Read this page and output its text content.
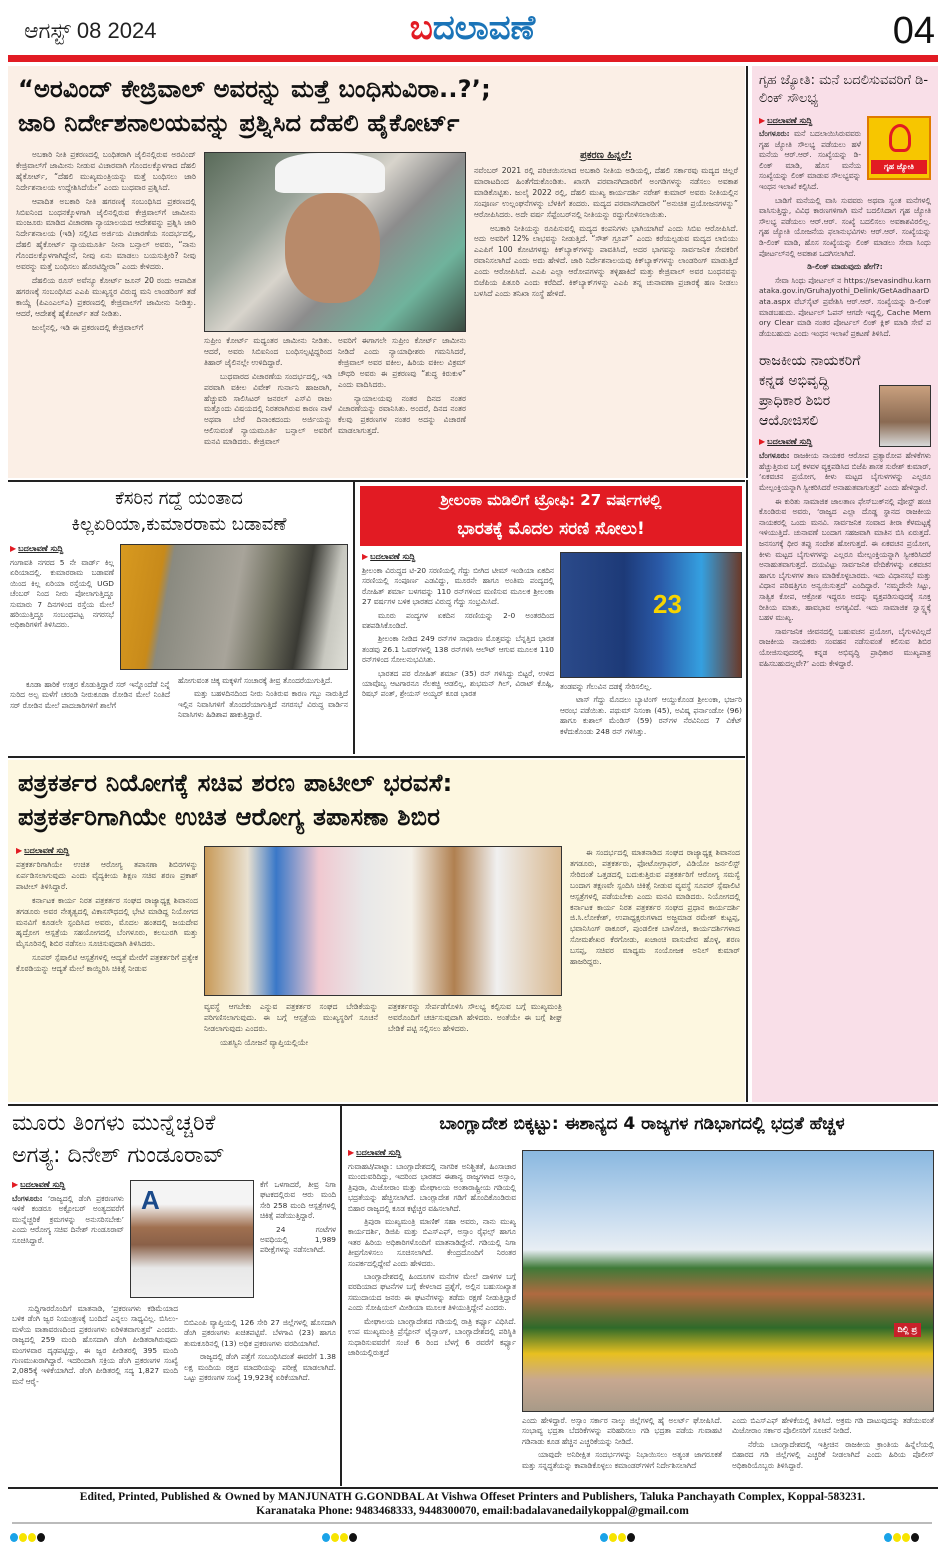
ಆಗಸ್ಟ್ 08 2024	ಬದಲಾವಣೆ	04
“ಅರವಿಂದ್ ಕೇಜ್ರಿವಾಲ್ ಅವರನ್ನು ಮತ್ತೆ ಬಂಧಿಸುವಿರಾ..?’;
ಜಾರಿ ನಿರ್ದೇಶನಾಲಯವನ್ನು ಪ್ರಶ್ನಿಸಿದ ದೆಹಲಿ ಹೈಕೋರ್ಟ್

ಅಬಕಾರಿ ನೀತಿ ಪ್ರಕರಣದಲ್ಲಿ ಬಂಧಿತರಾಗಿ ಜೈಲಿನಲ್ಲಿರುವ ಅರವಿಂದ್ ಕೇಜ್ರಿವಾಲ್‌ಗೆ ಜಾಮೀನು ನೀಡುವ ವಿಚಾರವಾಗಿ ಗೊಂದಲಕ್ಕೊಳಗಾದ ದೆಹಲಿ ಹೈಕೋರ್ಟ್, “ದೆಹಲಿ ಮುಖ್ಯಮಂತ್ರಿಯನ್ನು ಮತ್ತೆ ಬಂಧಿಸಲು ಜಾರಿ ನಿರ್ದೇಶನಾಲಯ ಉದ್ದೇಶಿಸಿದೆಯೇ” ಎಂದು ಬುಧವಾರ ಪ್ರಶ್ನಿಸಿದೆ.

ಆಪಾದಿತ ಅಬಕಾರಿ ನೀತಿ ಹಗರಣಕ್ಕೆ ಸಂಬಂಧಿಸಿದ ಪ್ರಕರಣದಲ್ಲಿ ಸಿಬಿಐನಿಂದ ಬಂಧನಕ್ಕೊಳಗಾಗಿ ಜೈಲಿನಲ್ಲಿರುವ ಕೇಜ್ರಿವಾಲ್‌ಗೆ ಜಾಮೀನು ಮಂಜೂರು ಮಾಡಿದ ವಿಚಾರಣಾ ನ್ಯಾಯಾಲಯದ ಆದೇಶವನ್ನು ಪ್ರಶ್ನಿಸಿ ಜಾರಿ ನಿರ್ದೇಶನಾಲಯ (ಇಡಿ) ಸಲ್ಲಿಸಿದ ಅರ್ಜಿಯ ವಿಚಾರಣೆಯ ಸಂದರ್ಭದಲ್ಲಿ, ದೆಹಲಿ ಹೈಕೋರ್ಟ್ ನ್ಯಾಯಮೂರ್ತಿ ನೀನಾ ಬನ್ಸಾಲ್ ಅವರು, “ನಾನು ಗೊಂದಲಕ್ಕೊಳಗಾಗಿದ್ದೇನೆ, ನೀವು ಏನು ಮಾಡಲು ಬಯಸುತ್ತೀರಿ? ನೀವು ಅವರನ್ನು ಮತ್ತೆ ಬಂಧಿಸಲು ಹೊರಟಿದ್ದೀರಾ” ಎಂದು ಕೇಳಿದರು.

ದೆಹಲಿಯ ರೂಸ್ ಅವೆನ್ಯೂ ಕೋರ್ಟ್ ಜೂನ್ 20 ರಂದು ಆಪಾದಿತ ಹಗರಣಕ್ಕೆ ಸಂಬಂಧಿಸಿದ ಎಎಪಿ ಮುಖ್ಯಸ್ಥರ ವಿರುದ್ಧ ಮನಿ ಲಾಂಡರಿಂಗ್ ತಡೆ ಕಾಯ್ದೆ (ಪಿಎಂಎಲ್‌ಎ) ಪ್ರಕರಣದಲ್ಲಿ ಕೇಜ್ರಿವಾಲ್‌ಗೆ ಜಾಮೀನು ನೀಡಿತ್ತು. ಆದರೆ, ಆದೇಶಕ್ಕೆ ಹೈಕೋರ್ಟ್ ತಡೆ ನೀಡಿತು.

ಜುಲೈನಲ್ಲಿ, ಇಡಿ ಈ ಪ್ರಕರಣದಲ್ಲಿ ಕೇಜ್ರಿವಾಲ್‌ಗೆ

ಸುಪ್ರೀಂ ಕೋರ್ಟ್ ಮಧ್ಯಂತರ ಜಾಮೀನು ನೀಡಿತು. ಆದರೆ, ಅವರು ಸಿಬಿಐನಿಂದ ಬಂಧಿಸಲ್ಪಟ್ಟಿದ್ದರಿಂದ ತಿಹಾರ್ ಜೈಲಿನಲ್ಲೇ ಉಳಿದಿದ್ದಾರೆ.

ಬುಧವಾರದ ವಿಚಾರಣೆಯ ಸಂದರ್ಭದಲ್ಲಿ, ಇಡಿ ಪರವಾಗಿ ವಕೀಲ ವಿವೇಕ್ ಗುರ್ನಾನಿ ಹಾಜರಾಗಿ, ಹೆಚ್ಚುವರಿ ಸಾಲಿಸಿಟರ್ ಜನರಲ್ ಎಸ್‌ವಿ ರಾಜು ಮತ್ತೊಂದು ವಿಷಯದಲ್ಲಿ ನಿರತರಾಗಿರುವ ಕಾರಣ ನಾಳೆ ಅಥವಾ ಬೇರೆ ದಿನಾಂಕದಂದು ಅರ್ಜಿಯನ್ನು ಆಲಿಸುವಂತೆ ನ್ಯಾಯಮೂರ್ತಿ ಬನ್ಸಾಲ್ ಅವರಿಗೆ ಮನವಿ ಮಾಡಿದರು. ಕೇಜ್ರಿವಾಲ್

ಅವರಿಗೆ ಈಗಾಗಲೇ ಸುಪ್ರೀಂ ಕೋರ್ಟ್ ಜಾಮೀನು ನೀಡಿದೆ ಎಂದು ನ್ಯಾಯಾಧೀಶರು ಗಮನಿಸಿದರೆ, ಕೇಜ್ರಿವಾಲ್ ಅವರ ವಕೀಲ, ಹಿರಿಯ ವಕೀಲ ವಿಕ್ರಮ್ ಚೌಧರಿ ಅವರು ಈ ಪ್ರಕರಣವು “ಶುದ್ಧ ಕಿರುಕುಳ” ಎಂದು ವಾದಿಸಿದರು.

ನ್ಯಾಯಾಲಯವು ನಂತರ ದಿನದ ನಂತರ ವಿಚಾರಣೆಯನ್ನು ರವಾನಿಸಿತು. ಅಂದರೆ, ದಿನದ ನಂತರ ಕೆಲವು ಪ್ರಕರಣಗಳ ನಂತರ ಅದನ್ನು ವಿಚಾರಣೆ ಮಾಡಲಾಗುತ್ತದೆ.

ಪ್ರಕರಣ ಹಿನ್ನಲೆ:

ನವೆಂಬರ್ 2021 ರಲ್ಲಿ ಪರಿಚಯಿಸಲಾದ ಅಬಕಾರಿ ನೀತಿಯ ಅಡಿಯಲ್ಲಿ, ದೆಹಲಿ ಸರ್ಕಾರವು ಮದ್ಯದ ಚಿಲ್ಲರೆ ಮಾರಾಟದಿಂದ ಹಿಂತೆಗೆದುಕೊಂಡಿತು. ಖಾಸಗಿ ಪರವಾನಗಿದಾರರಿಗೆ ಅಂಗಡಿಗಳನ್ನು ನಡೆಸಲು ಅವಕಾಶ ಮಾಡಿಕೊಟ್ಟಿತು. ಜುಲೈ 2022 ರಲ್ಲಿ, ದೆಹಲಿ ಮುಖ್ಯ ಕಾರ್ಯದರ್ಶಿ ನರೇಶ್ ಕುಮಾರ್ ಅವರು ನೀತಿಯಲ್ಲಿನ ಸಂಪೂರ್ಣ ಉಲ್ಲಂಘನೆಗಳನ್ನು ಬೆಳಕಿಗೆ ತಂದರು. ಮದ್ಯದ ಪರವಾನಗಿದಾರರಿಗೆ “ಅನುಚಿತ ಪ್ರಯೋಜನಗಳನ್ನು” ಆರೋಪಿಸಿದರು. ಅದೇ ವರ್ಷ ಸೆಪ್ಟೆಂಬರ್‌ನಲ್ಲಿ ನೀತಿಯನ್ನು ರದ್ದುಗೊಳಿಸಲಾಯಿತು.

ಅಬಕಾರಿ ನೀತಿಯನ್ನು ರೂಪಿಸುವಲ್ಲಿ ಮದ್ಯದ ಕಂಪನಿಗಳು ಭಾಗಿಯಾಗಿವೆ ಎಂದು ಸಿಬಿಐ ಆರೋಪಿಸಿದೆ. ಅದು ಅವರಿಗೆ 12% ಲಾಭವನ್ನು ನೀಡುತ್ತಿದೆ. “ಸೌತ್ ಗ್ರೂಪ್” ಎಂದು ಕರೆಯಲ್ಪಡುವ ಮದ್ಯದ ಲಾಬಿಯು ಎಎಪಿಗೆ 100 ಕೋಟಿಗಳಷ್ಟು ಕಿಕ್‌ಬ್ಯಾಕ್‌ಗಳನ್ನು ಪಾವತಿಸಿದೆ, ಅದರ ಭಾಗವನ್ನು ಸಾರ್ವಜನಿಕ ಸೇವಕರಿಗೆ ರವಾನಿಸಲಾಗಿದೆ ಎಂದು ಅದು ಹೇಳಿದೆ. ಜಾರಿ ನಿರ್ದೇಶನಾಲಯವು ಕಿಕ್‌ಬ್ಯಾಕ್‌ಗಳನ್ನು ಲಾಂಡರಿಂಗ್ ಮಾಡುತ್ತಿದೆ ಎಂದು ಆರೋಪಿಸಿದೆ. ಎಎಪಿ ಎಲ್ಲಾ ಆರೋಪಗಳನ್ನು ತಳ್ಳಿಹಾಕಿದೆ ಮತ್ತು ಕೇಜ್ರಿವಾಲ್ ಅವರ ಬಂಧನವನ್ನು ಬಿಜೆಪಿಯ ಪಿತೂರಿ ಎಂದು ಕರೆದಿದೆ. ಕಿಕ್‌ಬ್ಯಾಕ್‌ಗಳನ್ನು ಎಎಪಿ ತನ್ನ ಚುನಾವಣಾ ಪ್ರಚಾರಕ್ಕೆ ಹಣ ನೀಡಲು ಬಳಸಿದೆ ಎಂದು ತನಿಖಾ ಸಂಸ್ಥೆ ಹೇಳಿದೆ.

ಗೃಹ ಜ್ಯೋತಿ: ಮನೆ ಬದಲಿಸುವವರಿಗೆ ಡಿ-ಲಿಂಕ್ ಸೌಲಭ್ಯ
ಗೃಹ ಜ್ಯೋತಿ
▶ ಬದಲಾವಣೆ ಸುದ್ದಿ

ಬೆಂಗಳೂರು: ಮನೆ ಬದಲಾಯಿಸಿರುವವರು ಗೃಹ ಜ್ಯೋತಿ ಸೌಲಭ್ಯ ಪಡೆಯಲು ಹಳೆ ಮನೆಯ ಆರ್.ಆರ್. ಸಂಖ್ಯೆಯನ್ನು ಡಿ-ಲಿಂಕ್ ಮಾಡಿ, ಹೊಸ ಮನೆಯ ಸಂಖ್ಯೆಯನ್ನು ಲಿಂಕ್ ಮಾಡುವ ಸೌಲಭ್ಯವನ್ನು ಇಂಧನ ಇಲಾಖೆ ಕಲ್ಪಿಸಿದೆ.

ಬಾಡಿಗೆ ಮನೆಯಲ್ಲಿ ವಾಸಿ ಸುವವರು ಅಥವಾ ಸ್ವಂತ ಮನೆಗಳಲ್ಲಿ ವಾಸಿಸುತ್ತಿದ್ದು, ವಿವಿಧ ಕಾರಣಗಳಿಗಾಗಿ ಮನೆ ಬದಲಿಸಿದಾಗ ಗೃಹ ಜ್ಯೋತಿ ಸೌಲಭ್ಯ ಪಡೆಯಲು ಆರ್.ಆರ್. ಸಂಖ್ಯೆ ಬದಲಿಸಲು ಅವಕಾಶವಿರಲಿಲ್ಲ. ಗೃಹ ಜ್ಯೋತಿ ಯೋಜನೆಯ ಫಲಾನುಭವಿಗಳು ಆರ್.ಆರ್. ಸಂಖ್ಯೆಯನ್ನು ಡಿ-ಲಿಂಕ್ ಮಾಡಿ, ಹೊಸ ಸಂಖ್ಯೆಯನ್ನು ಲಿಂಕ್ ಮಾಡಲು ಸೇವಾ ಸಿಂಧು ಪೋರ್ಟಲ್‌ನಲ್ಲಿ ಅವಕಾಶ ಒದಗಿಸಲಾಗಿದೆ.

ಡಿ-ಲಿಂಕ್ ಮಾಡುವುದು ಹೇಗೆ?:

ಸೇವಾ ಸಿಂಧು ಪೋರ್ಟಲ್ ನ https://sevasindhu.karnataka.gov.in/GruhaJyothi_Delink/GetAadhaarData.aspx ವೆಬ್‌ಸೈಟ್ ಪ್ರವೇಶಿಸಿ ಆರ್.ಆರ್. ಸಂಖ್ಯೆಯನ್ನು ಡಿ-ಲಿಂಕ್ ಮಾಡಬಹುದು. ಪೋರ್ಟಲ್ ಓಪನ್ ಆಗದೇ ಇದ್ದಲ್ಲಿ, Cache Memory Clear ಮಾಡಿ ನಂತರ ಪೋರ್ಟಲ್ ಲಿಂಕ್ ಕ್ಲಿಕ್ ಮಾಡಿ ಸೇವೆ ಪಡೆಯಬಹುದು ಎಂದು ಇಂಧನ ಇಲಾಖೆ ಪ್ರಕಟಣೆ ತಿಳಿಸಿದೆ.

ರಾಜಕೀಯ ನಾಯಕರಿಗೆ ಕನ್ನಡ ಅಭಿವೃದ್ಧಿ ಪ್ರಾಧಿಕಾರ ಶಿಬಿರ ಆಯೋಜಿಸಲಿ
▶ ಬದಲಾವಣೆ ಸುದ್ದಿ

ಬೆಂಗಳೂರು: ರಾಜಕೀಯ ನಾಯಕರ ಆರೋಪ ಪ್ರತ್ಯಾರೋಪ ಹೇಳಿಕೆಗಳು ಹೆಚ್ಚುತ್ತಿರುವ ಬಗ್ಗೆ ಕಳವಳ ವ್ಯಕ್ತಪಡಿಸಿದ ಬಿಜೆಪಿ ಶಾಸಕ ಸುರೇಶ್ ಕುಮಾರ್, ‘ಏಕವಚನ ಪ್ರಯೋಗ, ಕೀಳು ಮಟ್ಟದ ಬೈಗುಳಗಳನ್ನು ಎಲ್ಲರೂ ಮೇಲ್ಪಂಕ್ತಿಯನ್ನಾಗಿ ಸ್ವೀಕರಿಸಿದರೆ ಅನಾಹುತವಾಗುತ್ತದೆ’ ಎಂದು ಹೇಳಿದ್ದಾರೆ.

ಈ ಕುರಿತು ಸಾಮಾಜಿಕ ಜಾಲತಾಣ ಫೇಸ್‌ಬುಕ್‌ನಲ್ಲಿ ಪೋಸ್ಟ್ ಹಂಚಿ ಕೊಂಡಿರುವ ಅವರು, ‘ರಾಜ್ಯದ ಎಲ್ಲಾ ದೊಡ್ಡ ಸ್ಥಾನದ ರಾಜಕೀಯ ನಾಯಕರಲ್ಲಿ ಒಂದು ಮನವಿ. ಸಾರ್ವಜನಿಕ ಸಂವಾದ ತೀರಾ ಕೆಳಮಟ್ಟಕ್ಕೆ ಇಳಿಯುತ್ತಿದೆ. ಚುನಾವಣೆ ಬಂದಾಗ ಸಹಜವಾಗಿ ಮಾತಿನ ಬಿಸಿ ಏರುತ್ತದೆ. ಜನಸಂಗಕ್ಕೆ ಧೀರ ತಪ್ಪು ಸಂದೇಶ ಹೋಗುತ್ತದೆ. ಈ ಏಕವಚನ ಪ್ರಯೋಗ, ಕೀಳು ಮಟ್ಟದ ಬೈಗುಳಗಳನ್ನು ಎಲ್ಲರೂ ಮೇಲ್ಪಂಕ್ತಿಯನ್ನಾಗಿ ಸ್ವೀಕರಿಸಿದರೆ ಅನಾಹುತವಾಗುತ್ತದೆ. ದಯವಿಟ್ಟು ಸಾರ್ವಜನಿಕ ವೇದಿಕೆಗಳನ್ನು ಏಕವಚನ ಹಾಗೂ ಬೈಗುಳಗಳ ತಾಣ ಮಾಡಿಕೊಳ್ಳಬಾರದು. ಇದು ವಿಧಾನಸಭೆ ಮತ್ತು ವಿಧಾನ ಪರಿಷತ್ತಿಗೂ ಅನ್ವಯಿಸುತ್ತದೆ’ ಎಂದಿದ್ದಾರೆ. ‘ನಮ್ಮದೇನೇ ಸಿಟ್ಟು, ಸಾತ್ವಿಕ ಕೋಪ, ಆಕ್ರೋಶ ಇದ್ದರೂ ಅದನ್ನು ವ್ಯಕ್ತಪಡಿಸುವುದಕ್ಕೆ ಸೂಕ್ತ ರೀತಿಯ ಮಾತು, ಹಾವಭಾವ ಅಗತ್ಯವಿದೆ. ಇದು ಸಾಮಾಜಿಕ ಸ್ವಾಸ್ಥ್ಯಕ್ಕೆ ಬಹಳ ಮುಖ್ಯ.

ಸಾರ್ವಜನಿಕ ಜೀವನದಲ್ಲಿ ಬಹುವಚನ ಪ್ರಯೋಗ, ಬೈಗುಳವಿಲ್ಲದೆ ರಾಜಕೀಯ ನಾಯಕರು ಸಂವಹನ ನಡೆಸುವಂತೆ ಕಲಿಸುವ ಶಿಬಿರ ಯೋಜಿಸುವುದರಲ್ಲಿ ಕನ್ನಡ ಅಭಿವೃದ್ಧಿ ಪ್ರಾಧಿಕಾರ ಮುಖ್ಯಪಾತ್ರ ವಹಿಸಬಹುದಲ್ಲವೇ?’ ಎಂದು ಕೇಳಿದ್ದಾರೆ.

ಕೆಸರಿನ ಗದ್ದೆ ಯಂತಾದ
ಕಿಲ್ಲಏರಿಯಾ,ಕುಮಾರರಾಮ ಬಡಾವಣೆ
▶ ಬದಲಾವಣೆ ಸುದ್ದಿ

ಗಂಗಾವತಿ ನಗರದ 5 ನೇ ವಾರ್ಡ್ ಕಿಲ್ಲ ಏರಿಯಾದಲ್ಲಿ. ಕುಮಾರರಾಮ ಬಡಾವಣೆ ಯಿಂದ ಕಿಲ್ಲ ಏರಿಯಾ ರಸ್ತೆಯಲ್ಲಿ UGD ಚೆಂಬರ್ ನಿಂದ ನೀರು ಪೋಲಾಗುತ್ತಿದ್ದೂ ಸುಮಾರು 7 ದಿನಗಳಿಂದ ರಸ್ತೆಯ ಮೇಲೆ ಹರಿಯುತ್ತಿದ್ದೂ ಸಂಬಂಧಪಟ್ಟ ನಗರಸಭೆ ಅಧಿಕಾರಿಗಳಿಗೆ ತಿಳಿಸಿದರು.

ಕೂಡಾ ಹಾರಿಕೆ ಉತ್ತರ ಕೊಡುತ್ತಿದ್ದಾರೆ ಸರ್ ಇನ್ನೊಂದೆಡೆ ನಿನ್ನೆ ಸುರಿದ ಅಲ್ಪ ಮಳೆಗೆ ಚರಂಡಿ ನೀರುಕೂಡಾ ರೋಡಿನ ಮೇಲೆ ನಿಂತಿದೆ ಸರ್ ರೋಡಿನ ಮೇಲೆ ಪಾದಚಾರಿಗಳಿಗೆ ಶಾಲೆಗೆ

ಹೋಗುವಂತ ಚಿಕ್ಕ ಮಕ್ಕಳಿಗೆ ಸಂಚಾರಕ್ಕೆ ತೀವ್ರ ತೊಂದರೆಯುಗುತ್ತಿದೆ.

ಮತ್ತು ಬಹಳದಿನದಿಂದ ನೀರು ನಿಂತಿರುವ ಕಾರಣ ಗಬ್ಬು ನಾರುತ್ತಿದೆ ಇಲ್ಲಿನ ನಿವಾಸಿಗಳಿಗೆ ತೊಂದರೆಯಾಗುತ್ತಿದೆ ನಗರಸಭೆ ವಿರುದ್ಧ ವಾರ್ಡಿನ ನಿವಾಸಿಗಳು ಹಿಡಿಶಾಪ ಹಾಕುತ್ತಿದ್ದಾರೆ.

ಶ್ರೀಲಂಕಾ ಮಡಿಲಿಗೆ ಟ್ರೋಫಿ: 27 ವರ್ಷಗಳಲ್ಲಿ
ಭಾರತಕ್ಕೆ ಮೊದಲ ಸರಣಿ ಸೋಲು!
▶ ಬದಲಾವಣೆ ಸುದ್ದಿ

ಶ್ರೀಲಂಕಾ ವಿರುದ್ಧದ ಟಿ-20 ಸರಣಿಯಲ್ಲಿ ಗೆದ್ದು ಬೀಗಿದ ಟೀಮ್ ಇಂಡಿಯಾ ಏಕದಿನ ಸರಣಿಯಲ್ಲಿ ಸಂಪೂರ್ಣ ಎಡವಿದ್ದು, ಮೂರನೇ ಹಾಗೂ ಅಂತಿಮ ಪಂದ್ಯದಲ್ಲಿ ರೋಹಿತ್ ಶರ್ಮಾ ಬಳಗವನ್ನು 110 ರನ್‌ಗಳಿಂದ ಮಣಿಸುವ ಮೂಲಕ ಶ್ರೀಲಂಕಾ 27 ವರ್ಷಗಳ ಬಳಿಕ ಭಾರತದ ವಿರುದ್ಧ ಗೆದ್ದು ಸಂಭ್ರಮಿಸಿದೆ.

ಮೂರು ಪಂದ್ಯಗಳ ಏಕದಿನ ಸರಣಿಯನ್ನು 2-0 ಅಂತರದಿಂದ ವಶಪಡಿಸಿಕೊಂಡಿದೆ.

ಶ್ರೀಲಂಕಾ ನೀಡಿದ 249 ರನ್‌ಗಳ ಸಾಧಾರಣ ಮೊತ್ತವನ್ನು ಬೆನ್ನತ್ತಿದ ಭಾರತ ತಂಡವು 26.1 ಓವರ್‌ಗಳಲ್ಲಿ 138 ರನ್‌ಗಳಿಸಿ ಆಲೌಟ್ ಆಗುವ ಮೂಲಕ 110 ರನ್‌ಗಳಿಂದ ಸೋಲನುಭವಿಸಿತು.

ಭಾರತದ ಪರ ರೋಹಿತ್ ಶರ್ಮಾ (35) ರನ್ ಗಳಿಸಿದ್ದು ಬಿಟ್ಟರೆ, ಉಳಿದ ಯಾವೊಬ್ಬ ಆಟಗಾರನೂ ನೆಲಕಚ್ಚಿ ಆಡಲಿಲ್ಲ, ಶುಭಮನ್ ಗಿಲ್, ವಿರಾಟ್ ಕೊಹ್ಲಿ, ರಿಷಭ್ ಪಂತ್, ಶ್ರೇಯಸ್ ಅಯ್ಯರ್ ಕೂಡ ಭಾರತ

23

ತಂಡವನ್ನು ಗೆಲುವಿನ ದಡಕ್ಕೆ ಸೇರಿಸಲಿಲ್ಲ.

ಟಾಸ್ ಗೆದ್ದು ಮೊದಲು ಬ್ಯಾಟಿಂಗ್ ಆಯ್ದುಕೊಂಡ ಶ್ರೀಲಂಕಾ, ಭರ್ಜರಿ ಆರಂಭ ಪಡೆಯಿತು. ಪಥುಮ್ ನಿಸಂಕಾ (45), ಅವಿಷ್ಕ ಫರ್ನಾಂಡೋ (96) ಹಾಗೂ ಕುಶಾಲ್ ಮೆಂಡಿಸ್ (59) ರನ್‌ಗಳ ನೆರವಿನಿಂದ 7 ವಿಕೆಟ್ ಕಳೆದುಕೊಂಡು 248 ರನ್ ಗಳಿಸಿತ್ತು.

ಪತ್ರಕರ್ತರ ನಿಯೋಗಕ್ಕೆ ಸಚಿವ ಶರಣ ಪಾಟೀಲ್ ಭರವಸೆ:
ಪತ್ರಕರ್ತರಿಗಾಗಿಯೇ ಉಚಿತ ಆರೋಗ್ಯ ತಪಾಸಣಾ ಶಿಬಿರ
▶ ಬದಲಾವಣೆ ಸುದ್ದಿ

ಪತ್ರಕರ್ತರಿಗಾಗಿಯೇ ಉಚಿತ ಆರೋಗ್ಯ ತಪಾಸಣಾ ಶಿಬಿರಗಳನ್ನು ಏರ್ಪಡಿಸಲಾಗುವುದು ಎಂದು ವೈದ್ಯಕೀಯ ಶಿಕ್ಷಣ ಸಚಿವ ಶರಣ ಪ್ರಕಾಶ್ ಪಾಟೀಲ್ ತಿಳಿಸಿದ್ದಾರೆ.

ಕರ್ನಾಟಕ ಕಾರ್ಯ ನಿರತ ಪತ್ರಕರ್ತರ ಸಂಘದ ರಾಜ್ಯಾಧ್ಯಕ್ಷ ಶಿವಾನಂದ ತಗಡೂರು ಅವರ ನೇತೃತ್ವದಲ್ಲಿ ವಿಕಾಸಸೌಧದಲ್ಲಿ ಭೇಟಿ ಮಾಡಿದ್ದ ನಿಯೋಗದ ಮನವಿಗೆ ಕೂಡಲೇ ಸ್ಪಂದಿಸಿದ ಅವರು, ಮೊದಲ ಹಂತದಲ್ಲಿ ಜಯದೇವ ಹೃದ್ರೋಗ ಆಸ್ಪತ್ರೆಯ ಸಹಯೋಗದಲ್ಲಿ ಬೆಂಗಳೂರು, ಕಲಬುರಗಿ ಮತ್ತು ಮೈಸೂರಿನಲ್ಲಿ ಶಿಬಿರ ನಡೆಸಲು ಸೂಚಿಸುವುದಾಗಿ ತಿಳಿಸಿದರು.

ಸೂಪರ್ ಸ್ಪೆಷಾಲಿಟಿ ಆಸ್ಪತ್ರೆಗಳಲ್ಲಿ ಆದ್ಯತೆ ಮೇರೆಗೆ ಪತ್ರಕರ್ತರಿಗೆ ಪ್ರತ್ಯೇಕ ಕೊಠಡಿಯನ್ನು ಆದ್ಯತೆ ಮೇಲೆ ಕಾಯ್ದಿರಿಸಿ ಚಿಕಿತ್ಸೆ ನೀಡುವ

ವ್ಯವಸ್ಥೆ ಆಗಬೇಕು ಎನ್ನುವ ಪತ್ರಕರ್ತರ ಸಂಘದ ಬೇಡಿಕೆಯನ್ನು ಪರಿಗಣಿಸಲಾಗುವುದು. ಈ ಬಗ್ಗೆ ಆಸ್ಪತ್ರೆಯ ಮುಖ್ಯಸ್ಥರಿಗೆ ಸೂಚನೆ ನೀಡಲಾಗುವುದು ಎಂದರು.

ಯಶಸ್ವಿನಿ ಯೋಜನೆ ವ್ಯಾಪ್ತಿಯಲ್ಲಿಯೇ

ಪತ್ರಕರ್ತರನ್ನು ಸೇರ್ಪಡೆಗೊಳಿಸಿ ಸೌಲಭ್ಯ ಕಲ್ಪಿಸುವ ಬಗ್ಗೆ ಮುಖ್ಯಮಂತ್ರಿ ಅವರೊಂದಿಗೆ ಚರ್ಚಿಸುವುದಾಗಿ ಹೇಳಿದರು. ಅಂತೆಯೇ ಈ ಬಗ್ಗೆ ಶೀಘ್ರ ಬೇಡಿಕೆ ಪಟ್ಟಿ ಸಲ್ಲಿಸಲು ಹೇಳಿದರು.

ಈ ಸಂದರ್ಭದಲ್ಲಿ ಮಾತನಾಡಿದ ಸಂಘದ ರಾಜ್ಯಾಧ್ಯಕ್ಷ ಶಿವಾನಂದ ತಗಡೂರು, ಪತ್ರಕರ್ತರು, ಫೋಟೋಗ್ರಾಫರ್, ವಿಡಿಯೋ ಜರ್ನಲಿಸ್ಟ್ ಸೇರಿದಂತೆ ಒತ್ತಡದಲ್ಲಿ ಬದುಕುತ್ತಿರುವ ಪತ್ರಕರ್ತರಿಗೆ ಆರೋಗ್ಯ ಸಮಸ್ಯೆ ಬಂದಾಗ ತಕ್ಷಣವೇ ಸ್ಪಂದಿಸಿ ಚಿಕಿತ್ಸೆ ನೀಡುವ ವ್ಯವಸ್ಥೆ ಸೂಪರ್ ಸ್ಪೆಷಾಲಿಟಿ ಆಸ್ಪತ್ರೆಗಳಲ್ಲಿ ಪಡೆಯಬೇಕು ಎಂದು ಮನವಿ ಮಾಡಿದರು. ನಿಯೋಗದಲ್ಲಿ ಕರ್ನಾಟಕ ಕಾರ್ಯ ನಿರತ ಪತ್ರಕರ್ತರ ಸಂಘದ ಪ್ರಧಾನ ಕಾರ್ಯದರ್ಶಿ ಜಿ.ಸಿ.ಲೋಕೇಶ್, ಉಪಾಧ್ಯಕ್ಷರುಗಳಾದ ಅಜ್ಜಮಾಡ ರಮೇಶ್ ಕುಟ್ಟಪ್ಪ, ಭವಾನಿಸಿಂಗ್ ಠಾಕೂರ್, ಪುಂಡಲೀಕ ಬಾಳೋಜಿ, ಕಾರ್ಯದರ್ಶಿಗಳಾದ ಸೋಮಶೇಖರ ಕೆರಗೋಡು, ಖಜಾಂಚಿ ವಾಸುದೇವ ಹೊಳ್ಳ, ಶರಣ ಬಸಪ್ಪ, ಸಚಿವರ ಮಾಧ್ಯಮ ಸಂಯೋಜಕ ಅನಿಲ್ ಕುಮಾರ್ ಹಾಜರಿದ್ದರು.

ಮೂರು ತಿಂಗಳು ಮುನ್ನೆಚ್ಚರಿಕೆ
ಅಗತ್ಯ: ದಿನೇಶ್ ಗುಂಡೂರಾವ್
▶ ಬದಲಾವಣೆ ಸುದ್ದಿ
A

ಬೆಂಗಳೂರು: ‘ರಾಜ್ಯದಲ್ಲಿ ಡೆಂಗಿ ಪ್ರಕರಣಗಳು ಇಳಿಕೆ ಕಂಡರೂ ಅಕ್ಟೋಬರ್ ಅಂತ್ಯದವರೆಗೆ ಮುನ್ನೆಚ್ಚರಿಕೆ ಕ್ರಮಗಳನ್ನು ಅನುಸರಿಸಬೇಕು’ ಎಂದು ಆರೋಗ್ಯ ಸಚಿವ ದಿನೇಶ್ ಗುಂಡೂರಾವ್ ಸೂಚಿಸಿದ್ದಾರೆ.

ಸುದ್ದಿಗಾರರೊಂದಿಗೆ ಮಾತನಾಡಿ, ‘ಪ್ರಕರಣಗಳು ಕಡಿಮೆಯಾದ ಬಳಿಕ ಡೆಂಗಿ ಜ್ವರ ನಿಯಂತ್ರಣಕ್ಕೆ ಬಂದಿದೆ ಎನ್ನಲು ಸಾಧ್ಯವಿಲ್ಲ. ಬಿಸಿಲು-ಮಳೆಯ ವಾತಾವರಣದಿಂದ ಪ್ರಕರಣಗಳು ಏರಿಳಿತವಾಗುತ್ತವೆ’ ಎಂದರು. ರಾಜ್ಯದಲ್ಲಿ 259 ಮಂದಿ ಹೊಸದಾಗಿ ಡೆಂಗಿ ಪೀಡಿತರಾಗಿರುವುದು ಮಂಗಳವಾರ ದೃಢಪಟ್ಟಿದ್ದು, ಈ ಜ್ವರ ಪೀಡಿತರಲ್ಲಿ 395 ಮಂದಿ ಗುಣಮುಖರಾಗಿದ್ದಾರೆ. ಇದರಿಂದಾಗಿ ಸಕ್ರಿಯ ಡೆಂಗಿ ಪ್ರಕರಣಗಳ ಸಂಖ್ಯೆ 2,085ಕ್ಕೆ ಇಳಿಕೆಯಾಗಿದೆ. ಡೆಂಗಿ ಪೀಡಿತರಲ್ಲಿ ಸದ್ಯ 1,827 ಮಂದಿ ಮನೆ ಆರೈ-

ಕೆಗೆ ಒಳಗಾದರೆ, ತೀವ್ರ ನಿಗಾ ಘಟಕದಲ್ಲಿರುವ ಆರು ಮಂದಿ ಸೇರಿ 258 ಮಂದಿ ಆಸ್ಪತ್ರೆಗಳಲ್ಲಿ ಚಿಕಿತ್ಸೆ ಪಡೆಯುತ್ತಿದ್ದಾರೆ.

24 ಗಂಟೆಗಳ ಅವಧಿಯಲ್ಲಿ 1,989 ಪರೀಕ್ಷೆಗಳನ್ನು ನಡೆಸಲಾಗಿದೆ.

ಬಿಬಿಎಂಪಿ ವ್ಯಾಪ್ತಿಯಲ್ಲಿ 126 ಸೇರಿ 27 ಜಿಲ್ಲೆಗಳಲ್ಲಿ ಹೊಸದಾಗಿ ಡೆಂಗಿ ಪ್ರಕರಣಗಳು ಖಚಿತಪಟ್ಟಿವೆ. ಬೆಳಗಾವಿ (23) ಹಾಗೂ ತುಮಕೂರಿನಲ್ಲಿ (13) ಅಧಿಕ ಪ್ರಕರಣಗಳು ವರದಿಯಾಗಿವೆ.

ರಾಜ್ಯದಲ್ಲಿ ಡೆಂಗಿ ಪತ್ತೆಗೆ ಸಂಬಂಧಿಸಿದಂತೆ ಈವರೆಗೆ 1.38 ಲಕ್ಷ ಮಂದಿಯ ರಕ್ತದ ಮಾದರಿಯನ್ನು ಪರೀಕ್ಷೆ ಮಾಡಲಾಗಿದೆ. ಒಟ್ಟು ಪ್ರಕರಣಗಳ ಸಂಖ್ಯೆ 19,923ಕ್ಕೆ ಏರಿಕೆಯಾಗಿದೆ.

ಬಾಂಗ್ಲಾದೇಶ ಬಿಕ್ಕಟ್ಟು: ಈಶಾನ್ಯದ 4 ರಾಜ್ಯಗಳ ಗಡಿಭಾಗದಲ್ಲಿ ಭದ್ರತೆ ಹೆಚ್ಚಳ
▶ ಬದಲಾವಣೆ ಸುದ್ದಿ

ಗುವಾಹಟಿ/ಪಾಟ್ನಾ: ಬಾಂಗ್ಲಾದೇಶದಲ್ಲಿ ನಾಗರಿಕ ಅನಿಶ್ಚಿತತೆ, ಹಿಂಸಾಚಾರ ಮುಂದುವರಿದಿದ್ದು, ಇದರಿಂದ ಭಾರತದ ಈಶಾನ್ಯ ರಾಜ್ಯಗಳಾದ ಅಸ್ಸಾಂ, ತ್ರಿಪುರಾ, ಮಿಜೋರಾಂ ಮತ್ತು ಮೇಘಾಲಯ ಅಂತಾರಾಷ್ಟ್ರೀಯ ಗಡಿಯಲ್ಲಿ ಭದ್ರತೆಯನ್ನು ಹೆಚ್ಚಿಸಲಾಗಿದೆ. ಬಾಂಗ್ಲಾದೇಶ ಗಡಿಗೆ ಹೊಂದಿಕೊಂಡಿರುವ ಬಿಹಾರ ರಾಜ್ಯದಲ್ಲಿ ಕೂಡ ಕಟ್ಟೆಚ್ಚರ ವಹಿಸಲಾಗಿದೆ.

ತ್ರಿಪುರಾ ಮುಖ್ಯಮಂತ್ರಿ ಮಾಣಿಕ್ ಸಹಾ ಅವರು, ನಾನು ಮುಖ್ಯ ಕಾರ್ಯದರ್ಶಿ, ಡಿಜಿಪಿ ಮತ್ತು ಬಿಎಸ್‌ಎಫ್, ಅಸ್ಸಾಂ ರೈಫಲ್ಸ್ ಹಾಗೂ ಇತರ ಹಿರಿಯ ಅಧಿಕಾರಿಗಳೊಂದಿಗೆ ಮಾತನಾಡಿದ್ದೇನೆ. ಗಡಿಯಲ್ಲಿ ನಿಗಾ ತೀವ್ರಗೊಳಿಸಲು ಸೂಚಿಸಲಾಗಿದೆ. ಕೇಂದ್ರದೊಂದಿಗೆ ನಿರಂತರ ಸಂಪರ್ಕದಲ್ಲಿದ್ದೇವೆ ಎಂದು ಹೇಳಿದರು.

ಬಾಂಗ್ಲಾದೇಶದಲ್ಲಿ ಹಿಂದೂಗಳ ಮನೆಗಳ ಮೇಲೆ ದಾಳಿಗಳ ಬಗ್ಗೆ ವರದಿಯಾದ ಘಟನೆಗಳ ಬಗ್ಗೆ ಕೇಳಲಾದ ಪ್ರಶ್ನೆಗೆ, ಅಲ್ಲಿನ ಬಹುಸಂಖ್ಯಾತ ಸಮುದಾಯದ ಜನರು ಈ ಘಟನೆಗಳನ್ನು ತಡೆದು ರಕ್ಷಣೆ ನೀಡುತ್ತಿದ್ದಾರೆ ಎಂದು ಸೋಷಿಯಲ್ ಮೀಡಿಯಾ ಮೂಲಕ ತಿಳಿಯುತ್ತಿದ್ದೇನೆ ಎಂದರು.

ಮೇಘಾಲಯ ಬಾಂಗ್ಲಾದೇಶದ ಗಡಿಯಲ್ಲಿ ರಾತ್ರಿ ಕರ್ಫ್ಯೂ ವಿಧಿಸಿದೆ. ಉಪ ಮುಖ್ಯಮಂತ್ರಿ ಪ್ರೆಸ್ಟೋನ್ ಟೈನ್ಸಾಂಗ್, ಬಾಂಗ್ಲಾದೇಶದಲ್ಲಿ ಪರಿಸ್ಥಿತಿ ಸುಧಾರಿಸುವವರೆಗೆ ಸಂಜೆ 6 ರಿಂದ ಬೆಳಗ್ಗೆ 6 ರವರೆಗೆ ಕರ್ಫ್ಯೂ ಜಾರಿಯಲ್ಲಿರುತ್ತದೆ

ದಿಲ್ಲಿ ಪ್ರ

ಎಂದು ಹೇಳಿದ್ದಾರೆ. ಅಸ್ಸಾಂ ಸರ್ಕಾರ ನಾಲ್ಕು ಜಿಲ್ಲೆಗಳಲ್ಲಿ ಹೈ ಅಲರ್ಟ್ ಘೋಷಿಸಿದೆ. ಸಂಭಾವ್ಯ ಭದ್ರತಾ ಬೆದರಿಕೆಗಳನ್ನು ಪರಿಹರಿಸಲು ಗಡಿ ಭದ್ರತಾ ಪಡೆಯ ಗುವಾಹಟಿ ಗಡಿನಾಡು ಕೂಡ ಹೆಚ್ಚಿನ ಎಚ್ಚರಿಕೆಯನ್ನು ನೀಡಿದೆ.

ಯಾವುದೇ ಅನಿರೀಕ್ಷಿತ ಸಂದರ್ಭಗಳನ್ನು ನಿಭಾಯಿಸಲು ಅತ್ಯಂತ ಜಾಗರೂಕತೆ ಮತ್ತು ಸನ್ನದ್ಧತೆಯನ್ನು ಕಾಪಾಡಿಕೊಳ್ಳಲು ಕಮಾಂಡರ್‌ಗಳಿಗೆ ನಿರ್ದೇಶಿಸಲಾಗಿದೆ

ಎಂದು ಬಿಎಸ್‌ಎಫ್ ಹೇಳಿಕೆಯಲ್ಲಿ ತಿಳಿಸಿದೆ. ಅಕ್ರಮ ಗಡಿ ದಾಟುವುದನ್ನು ತಡೆಯುವಂತೆ ಮಿಜೋರಾಂ ಸರ್ಕಾರ ಪೊಲೀಸರಿಗೆ ಸೂಚನೆ ನೀಡಿದೆ.

ನೆರೆಯ ಬಾಂಗ್ಲಾದೇಶದಲ್ಲಿ ಇತ್ತೀಚಿನ ರಾಜಕೀಯ ಕ್ರಾಂತಿಯ ಹಿನ್ನೆಲೆಯಲ್ಲಿ ಬಿಹಾರದ ಗಡಿ ಜಿಲ್ಲೆಗಳಲ್ಲಿ ಎಚ್ಚರಿಕೆ ನೀಡಲಾಗಿದೆ ಎಂದು ಹಿರಿಯ ಪೊಲೀಸ್ ಅಧಿಕಾರಿಯೊಬ್ಬರು ತಿಳಿಸಿದ್ದಾರೆ.

Edited, Printed, Published & Owned by MANJUNATH G.GONDBAL At Vishwa Offeset Printers and Publishers, Taluka Panchayath Complex, Koppal-583231.
Karanataka Phone: 9483468333, 9448300070, email:badalavanedailykoppal@gmail.com
